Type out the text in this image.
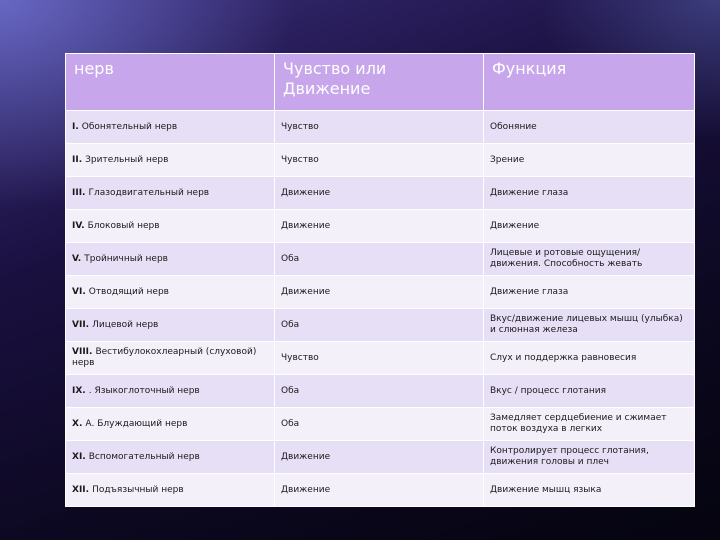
нерв	Чувство или Движение	Функция
I. Обонятельный нерв	Чувство	Обоняние
II. Зрительный нерв	Чувство	Зрение
III. Глазодвигательный нерв	Движение	Движение глаза
IV. Блоковый нерв	Движение	Движение
V. Тройничный нерв	Оба	Лицевые и ротовые ощущения/движения. Способность жевать
VI. Отводящий нерв	Движение	Движение глаза
VII. Лицевой нерв	Оба	Вкус/движение лицевых мышц (улыбка) и слюнная железа
VIII. Вестибулокохлеарный (слуховой) нерв	Чувство	Слух и поддержка равновесия
IX. . Языкоглоточный нерв	Оба	Вкус / процесс глотания
X. А. Блуждающий нерв	Оба	Замедляет сердцебиение и сжимает поток воздуха в легких
XI. Вспомогательный нерв	Движение	Контролирует процесс глотания, движения головы и плеч
XII. Подъязычный нерв	Движение	Движение мышц языка
